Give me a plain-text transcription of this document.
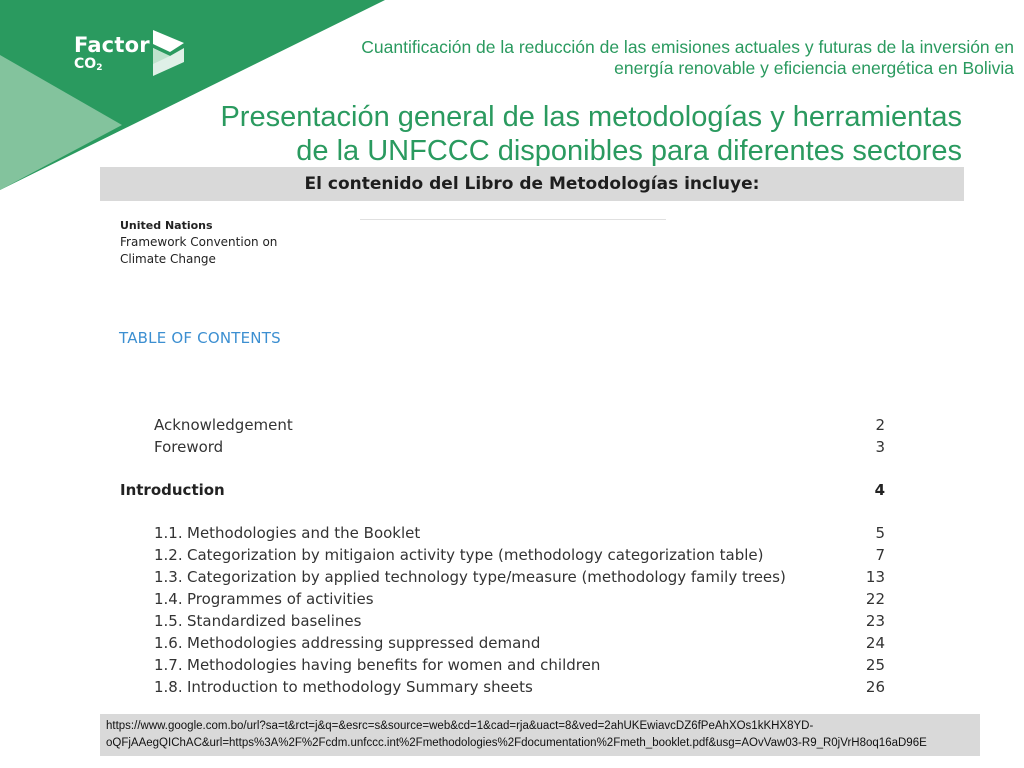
Factor
$CO_2$
Cuantificación de la reducción de las emisiones actuales y futuras de la inversión en
energía renovable y eficiencia energética en Bolivia
Presentación general de las metodologías y herramientas
de la UNFCCC disponibles para diferentes sectores
El contenido del Libro de Metodologías incluye:
United Nations
Framework Convention on
Climate Change
TABLE OF CONTENTS
Acknowledgement	2
Foreword	3
Introduction	4
1.1. Methodologies and the Booklet	5
1.2. Categorization by mitigaion activity type (methodology categorization table)	7
1.3. Categorization by applied technology type/measure (methodology family trees)	13
1.4. Programmes of activities	22
1.5. Standardized baselines	23
1.6. Methodologies addressing suppressed demand	24
1.7. Methodologies having benefits for women and children	25
1.8. Introduction to methodology Summary sheets	26
https://www.google.com.bo/url?sa=t&rct=j&q=&esrc=s&source=web&cd=1&cad=rja&uact=8&ved=2ahUKEwiavcDZ6fPeAhXOs1kKHX8YD-
oQFjAAegQIChAC&url=https%3A%2F%2Fcdm.unfccc.int%2Fmethodologies%2Fdocumentation%2Fmeth_booklet.pdf&usg=AOvVaw03-R9_R0jVrH8oq16aD96E
